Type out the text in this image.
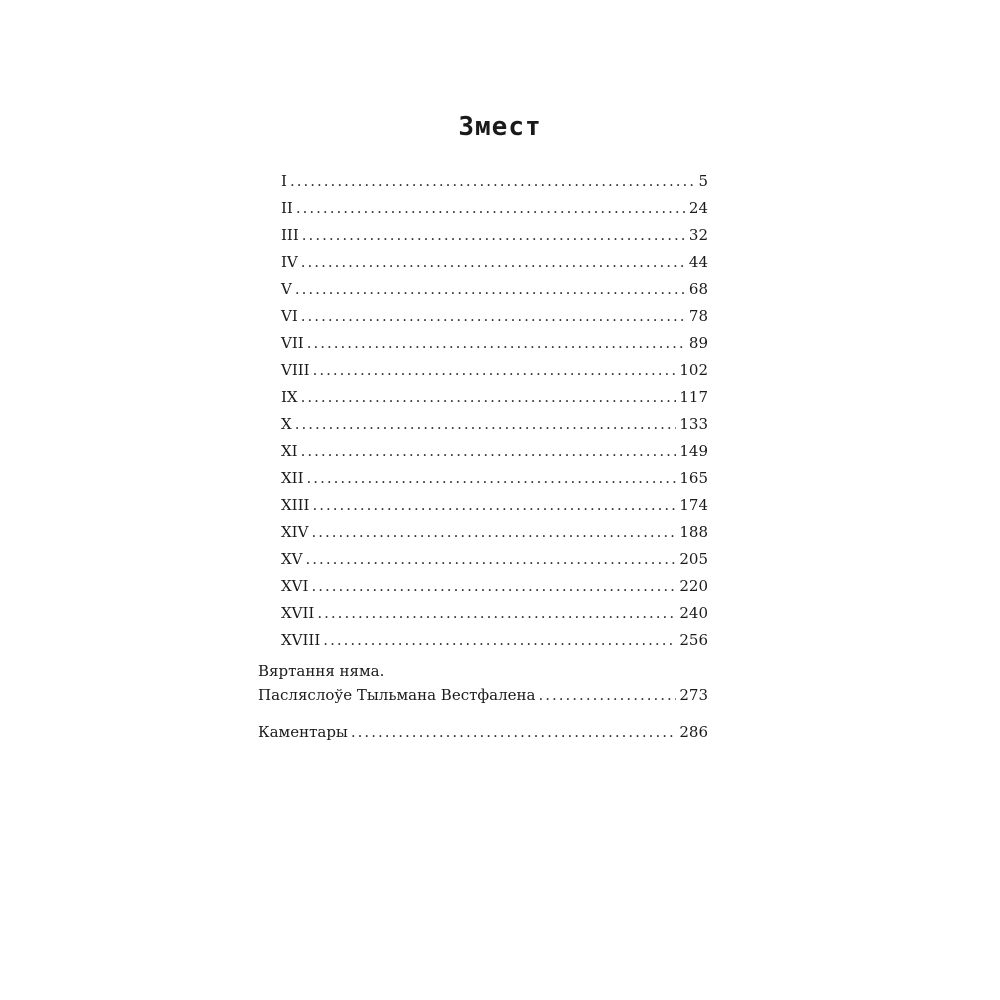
Змест
I .....	5
II .....	24
III .....	32
IV .....	44
V .....	68
VI .....	78
VII .....	89
VIII .....	102
IX .....	117
X .....	133
XI .....	149
XII .....	165
XIII .....	174
XIV .....	188
XV .....	205
XVI .....	220
XVII .....	240
XVIII .....	256
Вяртання няма.
Пасляслоўе Тыльмана Вестфалена .....	273
Каментары .....	286
